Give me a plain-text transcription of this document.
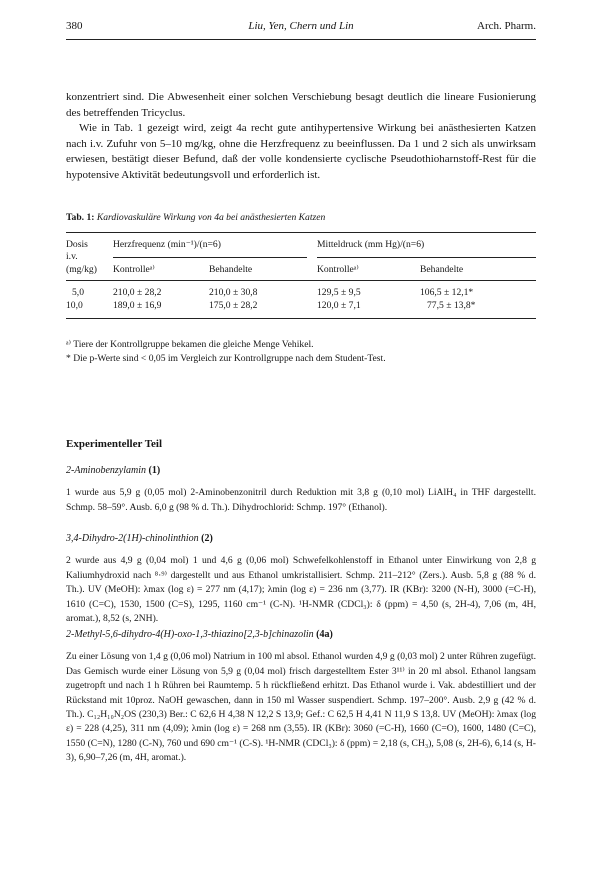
380	Liu, Yen, Chern und Lin	Arch. Pharm.

konzentriert sind. Die Abwesenheit einer solchen Verschiebung besagt deutlich die lineare Fusionierung des betreffenden Tricyclus.

Wie in Tab. 1 gezeigt wird, zeigt 4a recht gute antihypertensive Wirkung bei anästhesierten Katzen nach i.v. Zufuhr von 5–10 mg/kg, ohne die Herzfrequenz zu beeinflussen. Da 1 und 2 sich als unwirksam erwiesen, bestätigt dieser Befund, daß der volle kondensierte cyclische Pseudothioharnstoff-Rest für die hypotensive Aktivität bedeutungsvoll und erforderlich ist.

Tab. 1: Kardiovaskuläre Wirkung von 4a bei anästhesierten Katzen
Dosis
i.v.
(mg/kg)
Herzfrequenz (min⁻¹)/(n=6)	Mitteldruck (mm Hg)/(n=6)
Kontrolleᵃ⁾	Behandelte	Kontrolleᵃ⁾	Behandelte
5,0	210,0 ± 28,2	210,0 ± 30,8	129,5 ± 9,5	106,5 ± 12,1*
10,0	189,0 ± 16,9	175,0 ± 28,2	120,0 ± 7,1	77,5 ± 13,8*
ᵃ⁾ Tiere der Kontrollgruppe bekamen die gleiche Menge Vehikel.
* Die p-Werte sind < 0,05 im Vergleich zur Kontrollgruppe nach dem Student-Test.
Experimenteller Teil
2-Aminobenzylamin (1)

1 wurde aus 5,9 g (0,05 mol) 2-Aminobenzonitril durch Reduktion mit 3,8 g (0,10 mol) LiAlH₄ in THF dargestellt. Schmp. 58–59°. Ausb. 6,0 g (98 % d. Th.). Dihydrochlorid: Schmp. 197° (Ethanol).

3,4-Dihydro-2(1H)-chinolinthion (2)

2 wurde aus 4,9 g (0,04 mol) 1 und 4,6 g (0,06 mol) Schwefelkohlenstoff in Ethanol unter Einwirkung von 2,8 g Kaliumhydroxid nach ⁸·⁹⁾ dargestellt und aus Ethanol umkristallisiert. Schmp. 211–212° (Zers.). Ausb. 5,8 g (88 % d. Th.). UV (MeOH): λmax (log ε) = 277 nm (4,17); λmin (log ε) = 236 nm (3,77). IR (KBr): 3200 (N-H), 3000 (=C-H), 1610 (C=C), 1530, 1500 (C=S), 1295, 1160 cm⁻¹ (C-N). ¹H-NMR (CDCl₃): δ (ppm) = 4,50 (s, 2H-4), 7,06 (m, 4H, aromat.), 8,52 (s, 2NH).

2-Methyl-5,6-dihydro-4(H)-oxo-1,3-thiazino[2,3-b]chinazolin (4a)

Zu einer Lösung von 1,4 g (0,06 mol) Natrium in 100 ml absol. Ethanol wurden 4,9 g (0,03 mol) 2 unter Rühren zugefügt. Das Gemisch wurde einer Lösung von 5,9 g (0,04 mol) frisch dargestelltem Ester 3¹¹⁾ in 20 ml absol. Ethanol langsam zugetropft und nach 1 h Rühren bei Raumtemp. 5 h rückfließend erhitzt. Das Ethanol wurde i. Vak. abdestilliert und der Rückstand mit 10proz. NaOH gewaschen, dann in 150 ml Wasser suspendiert. Schmp. 197–200°. Ausb. 2,9 g (42 % d. Th.). C₁₂H₁₀N₂OS (230,3) Ber.: C 62,6 H 4,38 N 12,2 S 13,9; Gef.: C 62,5 H 4,41 N 11,9 S 13,8. UV (MeOH): λmax (log ε) = 228 (4,25), 311 nm (4,09); λmin (log ε) = 268 nm (3,55). IR (KBr): 3060 (=C-H), 1660 (C=O), 1600, 1480 (C=C), 1550 (C=N), 1280 (C-N), 760 und 690 cm⁻¹ (C-S). ¹H-NMR (CDCl₃): δ (ppm) = 2,18 (s, CH₃), 5,08 (s, 2H-6), 6,14 (s, H-3), 6,90–7,26 (m, 4H, aromat.).
